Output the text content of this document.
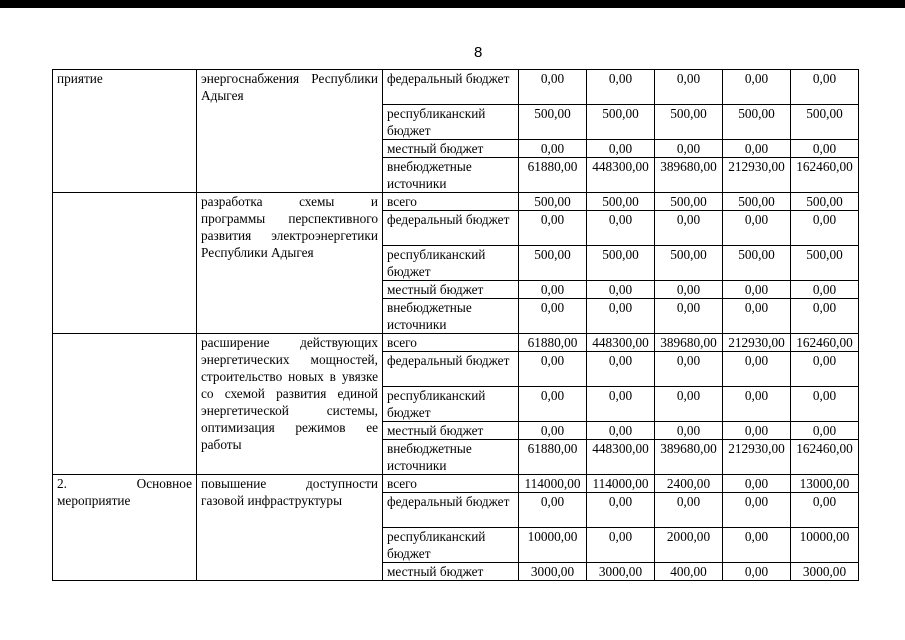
8
приятие	энергоснабжения Республики Адыгея	федеральный бюджет	0,00	0,00	0,00	0,00	0,00
		республиканский бюджет	500,00	500,00	500,00	500,00	500,00
		местный бюджет	0,00	0,00	0,00	0,00	0,00
		внебюджетные источники	61880,00	448300,00	389680,00	212930,00	162460,00
	разработка схемы и программы перспективного развития электроэнергетики Республики Адыгея	всего	500,00	500,00	500,00	500,00	500,00
		федеральный бюджет	0,00	0,00	0,00	0,00	0,00
		республиканский бюджет	500,00	500,00	500,00	500,00	500,00
		местный бюджет	0,00	0,00	0,00	0,00	0,00
		внебюджетные источники	0,00	0,00	0,00	0,00	0,00
	расширение действующих энергетических мощностей, строительство новых в увязке со схемой развития единой энергетической системы, оптимизация режимов ее работы	всего	61880,00	448300,00	389680,00	212930,00	162460,00
		федеральный бюджет	0,00	0,00	0,00	0,00	0,00
		республиканский бюджет	0,00	0,00	0,00	0,00	0,00
		местный бюджет	0,00	0,00	0,00	0,00	0,00
		внебюджетные источники	61880,00	448300,00	389680,00	212930,00	162460,00
2. Основное мероприятие	повышение доступности газовой инфраструктуры	всего	114000,00	114000,00	2400,00	0,00	13000,00
		федеральный бюджет	0,00	0,00	0,00	0,00	0,00
		республиканский бюджет	10000,00	0,00	2000,00	0,00	10000,00
		местный бюджет	3000,00	3000,00	400,00	0,00	3000,00
